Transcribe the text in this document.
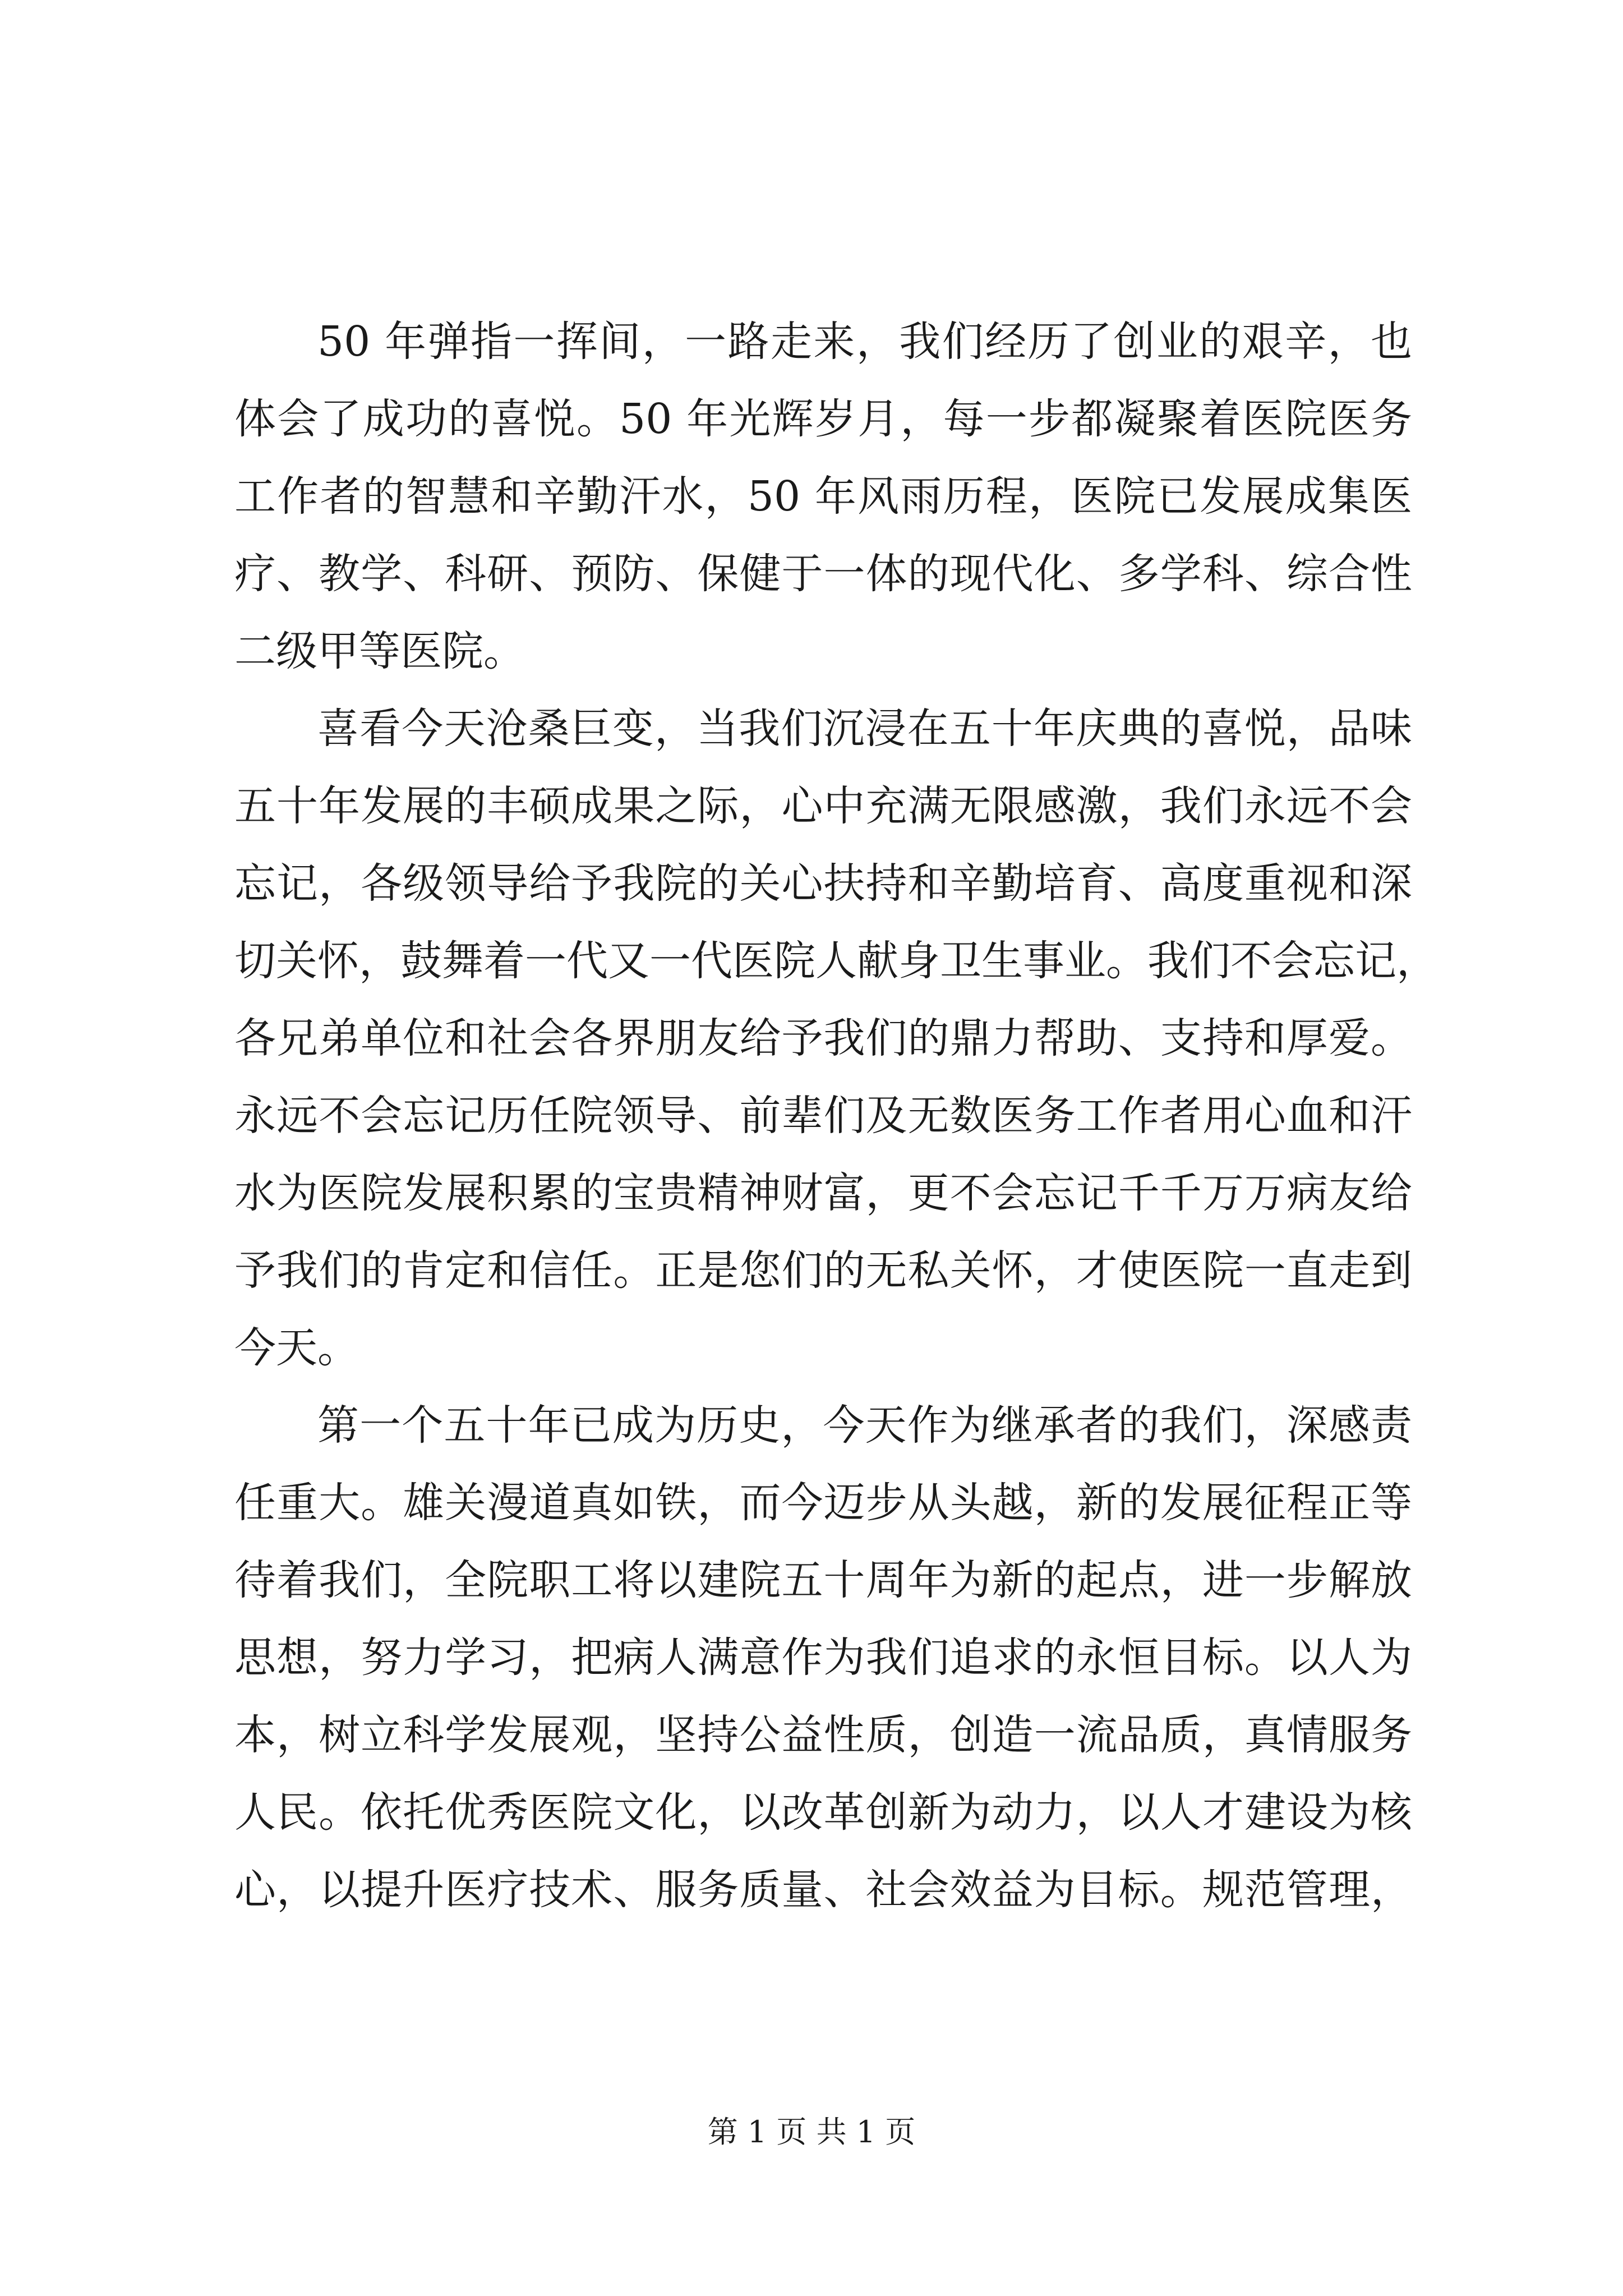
50 年弹指一挥间，一路走来，我们经历了创业的艰辛，也
体会了成功的喜悦。50 年光辉岁月，每一步都凝聚着医院医务
工作者的智慧和辛勤汗水，50 年风雨历程，医院已发展成集医
疗、教学、科研、预防、保健于一体的现代化、多学科、综合性
二级甲等医院。
喜看今天沧桑巨变，当我们沉浸在五十年庆典的喜悦，品味
五十年发展的丰硕成果之际，心中充满无限感激，我们永远不会
忘记，各级领导给予我院的关心扶持和辛勤培育、高度重视和深
切关怀，鼓舞着一代又一代医院人献身卫生事业。我们不会忘记，
各兄弟单位和社会各界朋友给予我们的鼎力帮助、支持和厚爱。
永远不会忘记历任院领导、前辈们及无数医务工作者用心血和汗
水为医院发展积累的宝贵精神财富，更不会忘记千千万万病友给
予我们的肯定和信任。正是您们的无私关怀，才使医院一直走到
今天。
第一个五十年已成为历史，今天作为继承者的我们，深感责
任重大。雄关漫道真如铁，而今迈步从头越，新的发展征程正等
待着我们，全院职工将以建院五十周年为新的起点，进一步解放
思想，努力学习，把病人满意作为我们追求的永恒目标。以人为
本，树立科学发展观，坚持公益性质，创造一流品质，真情服务
人民。依托优秀医院文化，以改革创新为动力，以人才建设为核
心，以提升医疗技术、服务质量、社会效益为目标。规范管理，
第 1 页 共 1 页
